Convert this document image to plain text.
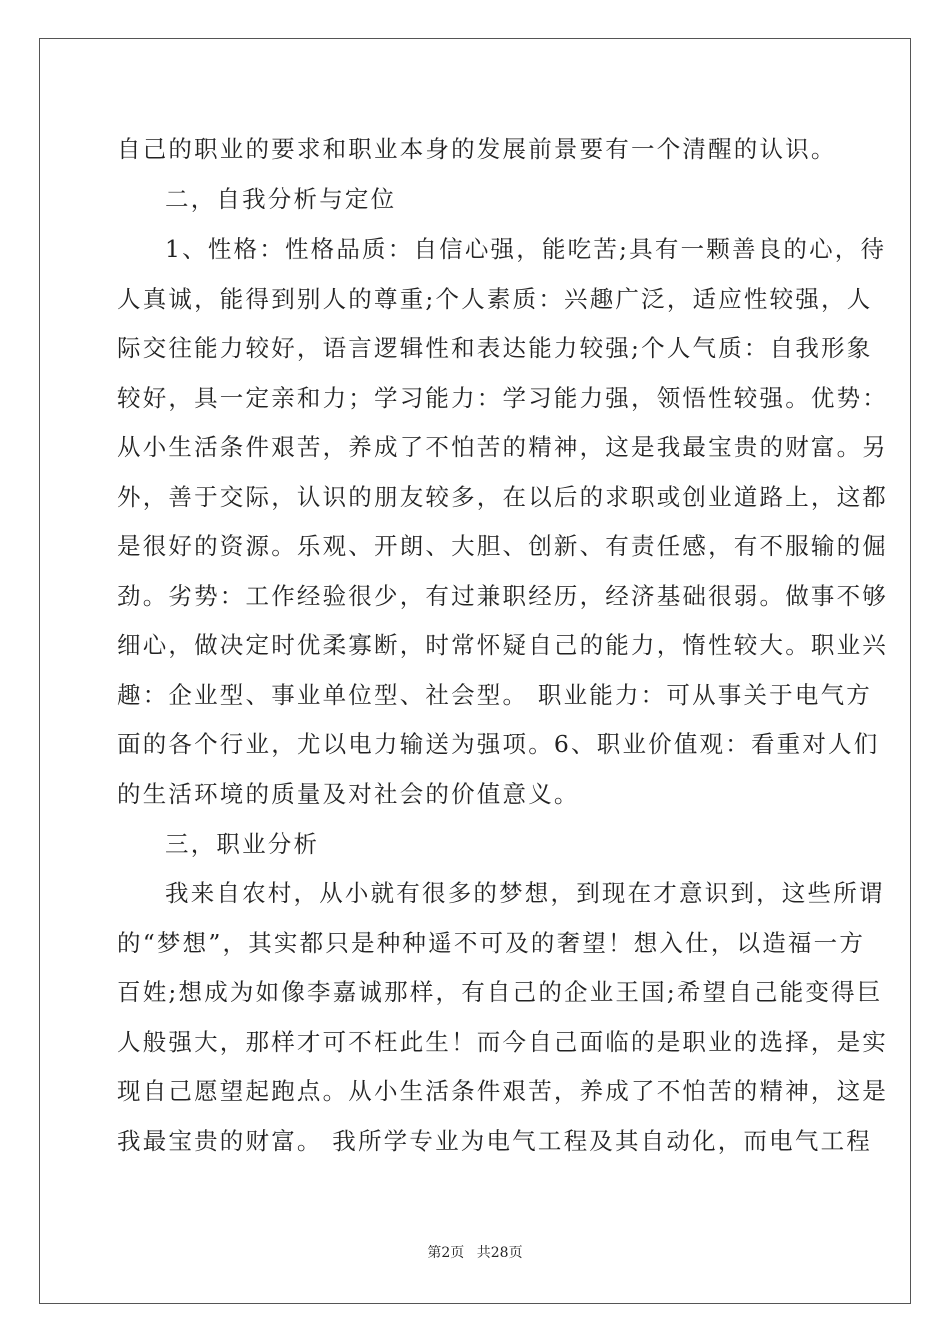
自己的职业的要求和职业本身的发展前景要有一个清醒的认识。
二，自我分析与定位
1、性格：性格品质：自信心强，能吃苦;具有一颗善良的心，待
人真诚，能得到别人的尊重;个人素质：兴趣广泛，适应性较强，人
际交往能力较好，语言逻辑性和表达能力较强;个人气质：自我形象
较好，具一定亲和力；学习能力：学习能力强，领悟性较强。优势：
从小生活条件艰苦，养成了不怕苦的精神，这是我最宝贵的财富。另
外，善于交际，认识的朋友较多，在以后的求职或创业道路上，这都
是很好的资源。乐观、开朗、大胆、创新、有责任感，有不服输的倔
劲。劣势：工作经验很少，有过兼职经历，经济基础很弱。做事不够
细心，做决定时优柔寡断，时常怀疑自己的能力，惰性较大。职业兴
趣：企业型、事业单位型、社会型。 职业能力：可从事关于电气方
面的各个行业，尤以电力输送为强项。6、职业价值观：看重对人们
的生活环境的质量及对社会的价值意义。
三，职业分析
我来自农村，从小就有很多的梦想，到现在才意识到，这些所谓
的“梦想”，其实都只是种种遥不可及的奢望！想入仕，以造福一方
百姓;想成为如像李嘉诚那样，有自己的企业王国;希望自己能变得巨
人般强大，那样才可不枉此生！而今自己面临的是职业的选择，是实
现自己愿望起跑点。从小生活条件艰苦，养成了不怕苦的精神，这是
我最宝贵的财富。 我所学专业为电气工程及其自动化，而电气工程
第2页 共28页
